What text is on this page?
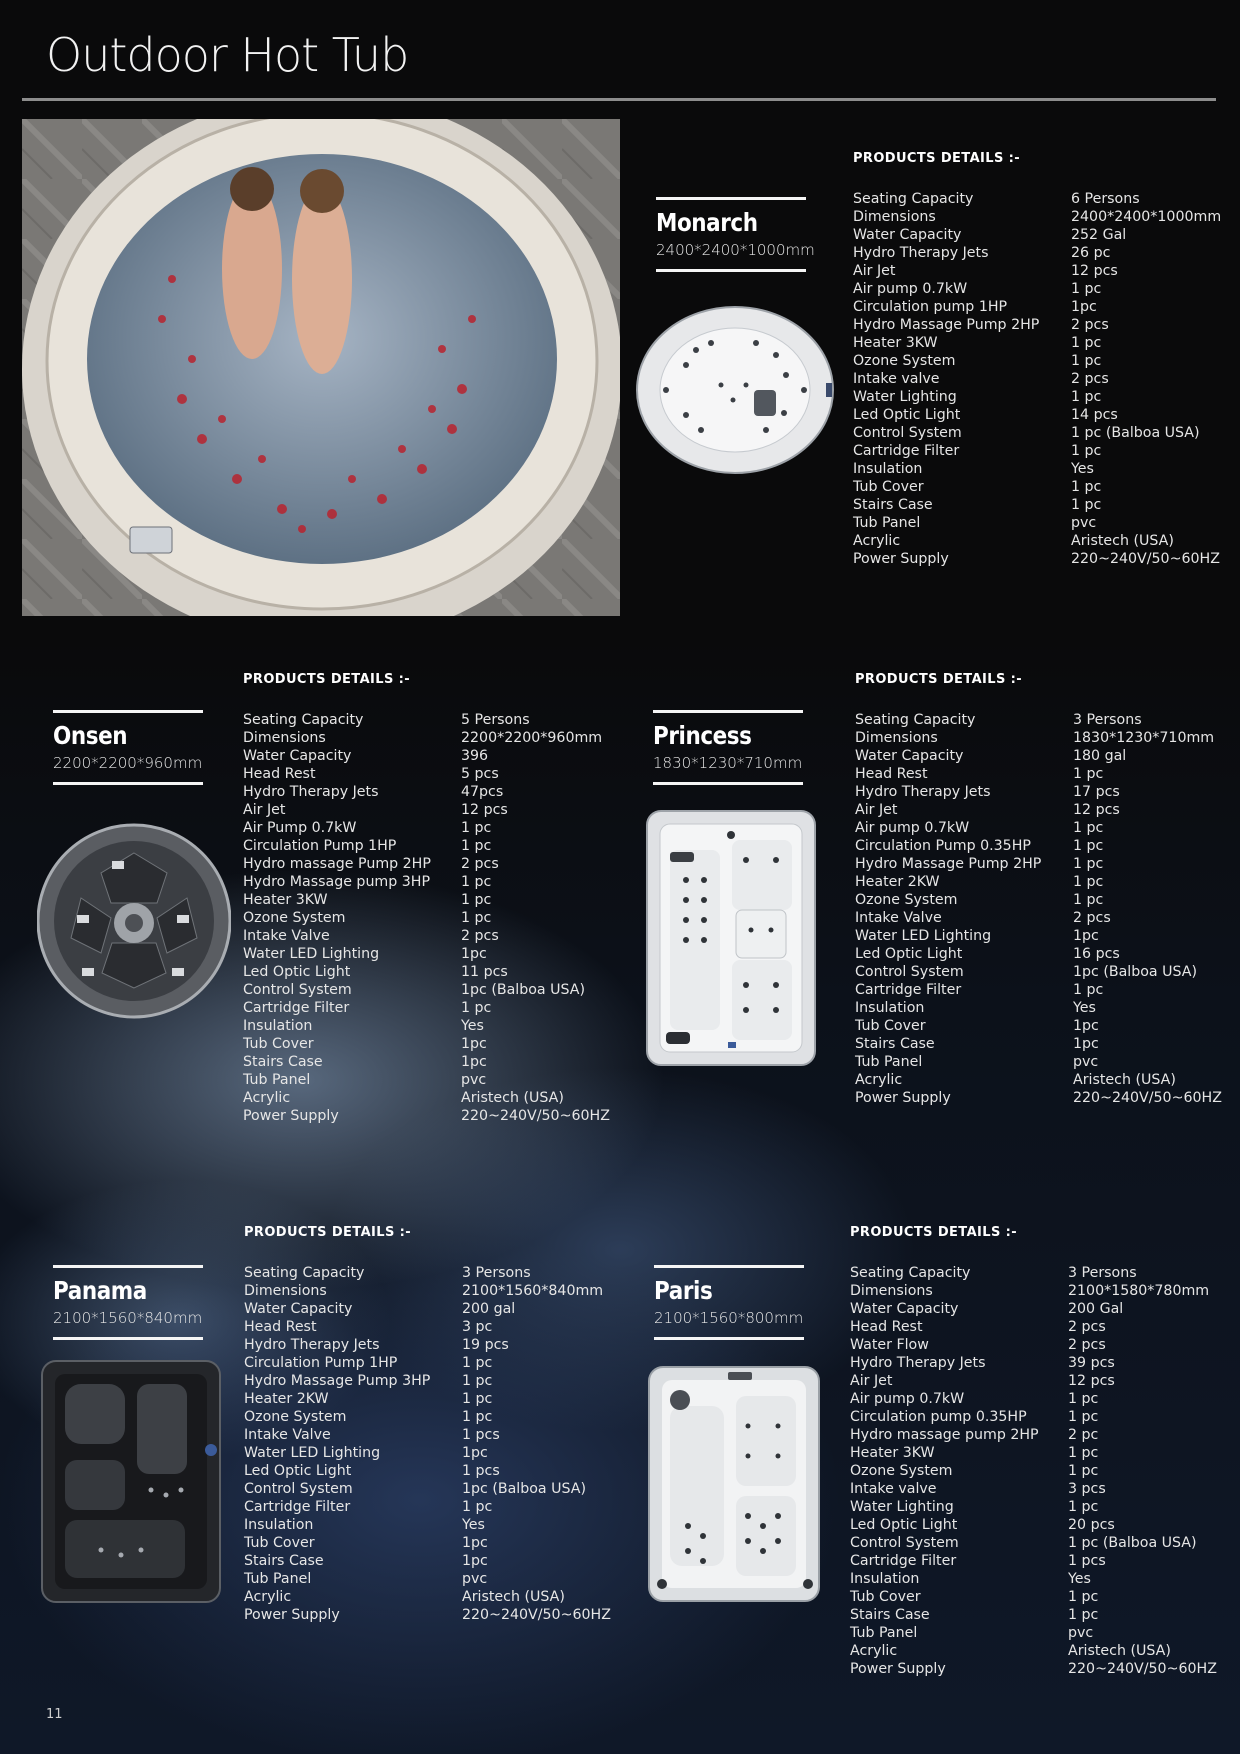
Outdoor Hot Tub
Monarch
2400*2400*1000mm
PRODUCTS DETAILS :-
Seating Capacity	6 Persons
Dimensions	2400*2400*1000mm
Water Capacity	252 Gal
Hydro Therapy Jets	26 pc
Air Jet	12 pcs
Air pump 0.7kW	1 pc
Circulation pump 1HP	1pc
Hydro Massage Pump 2HP	2 pcs
Heater 3KW	1 pc
Ozone System	1 pc
Intake valve	2 pcs
Water Lighting	1 pc
Led Optic Light	14 pcs
Control System	1 pc (Balboa USA)
Cartridge Filter	1 pc
Insulation	Yes
Tub Cover	1 pc
Stairs Case	1 pc
Tub Panel	pvc
Acrylic	Aristech (USA)
Power Supply	220~240V/50~60HZ
PRODUCTS DETAILS :-
Seating Capacity	5 Persons
Dimensions	2200*2200*960mm
Water Capacity	396
Head Rest	5 pcs
Hydro Therapy Jets	47pcs
Air Jet	12 pcs
Air Pump 0.7kW	1 pc
Circulation Pump 1HP	1 pc
Hydro massage Pump 2HP	2 pcs
Hydro Massage pump 3HP	1 pc
Heater 3KW	1 pc
Ozone System	1 pc
Intake Valve	2 pcs
Water LED Lighting	1pc
Led Optic Light	11 pcs
Control System	1pc (Balboa USA)
Cartridge Filter	1 pc
Insulation	Yes
Tub Cover	1pc
Stairs Case	1pc
Tub Panel	pvc
Acrylic	Aristech (USA)
Power Supply	220~240V/50~60HZ
Onsen
2200*2200*960mm
PRODUCTS DETAILS :-
Seating Capacity	3 Persons
Dimensions	1830*1230*710mm
Water Capacity	180 gal
Head Rest	1 pc
Hydro Therapy Jets	17 pcs
Air Jet	12 pcs
Air pump 0.7kW	1 pc
Circulation Pump 0.35HP	1 pc
Hydro Massage Pump 2HP	1 pc
Heater 2KW	1 pc
Ozone System	1 pc
Intake Valve	2 pcs
Water LED Lighting	1pc
Led Optic Light	16 pcs
Control System	1pc (Balboa USA)
Cartridge Filter	1 pc
Insulation	Yes
Tub Cover	1pc
Stairs Case	1pc
Tub Panel	pvc
Acrylic	Aristech (USA)
Power Supply	220~240V/50~60HZ
Princess
1830*1230*710mm
PRODUCTS DETAILS :-
Seating Capacity	3 Persons
Dimensions	2100*1560*840mm
Water Capacity	200 gal
Head Rest	3 pc
Hydro Therapy Jets	19 pcs
Circulation Pump 1HP	1 pc
Hydro Massage Pump 3HP	1 pc
Heater 2KW	1 pc
Ozone System	1 pc
Intake Valve	1 pcs
Water LED Lighting	1pc
Led Optic Light	1 pcs
Control System	1pc (Balboa USA)
Cartridge Filter	1 pc
Insulation	Yes
Tub Cover	1pc
Stairs Case	1pc
Tub Panel	pvc
Acrylic	Aristech (USA)
Power Supply	220~240V/50~60HZ
Panama
2100*1560*840mm
PRODUCTS DETAILS :-
Seating Capacity	3 Persons
Dimensions	2100*1580*780mm
Water Capacity	200 Gal
Head Rest	2 pcs
Water Flow	2 pcs
Hydro Therapy Jets	39 pcs
Air Jet	12 pcs
Air pump 0.7kW	1 pc
Circulation pump 0.35HP	1 pc
Hydro massage pump 2HP	2 pc
Heater 3KW	1 pc
Ozone System	1 pc
Intake valve	3 pcs
Water Lighting	1 pc
Led Optic Light	20 pcs
Control System	1 pc (Balboa USA)
Cartridge Filter	1 pcs
Insulation	Yes
Tub Cover	1 pc
Stairs Case	1 pc
Tub Panel	pvc
Acrylic	Aristech (USA)
Power Supply	220~240V/50~60HZ
Paris
2100*1560*800mm
11
